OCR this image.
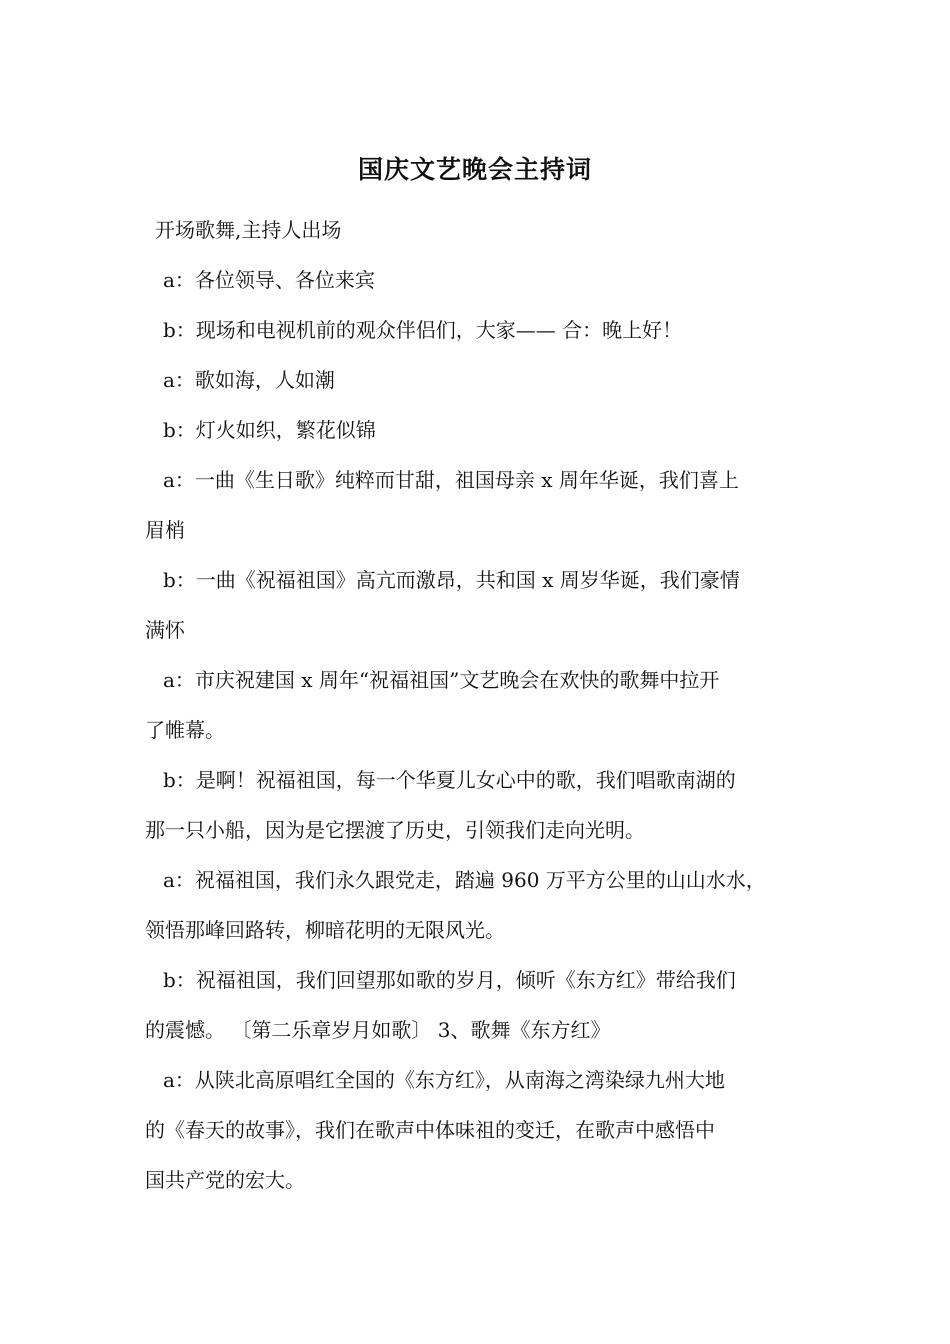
国庆文艺晚会主持词
开场歌舞,主持人出场
a：各位领导、各位来宾
b：现场和电视机前的观众伴侣们，大家—— 合：晚上好！
a：歌如海，人如潮
b：灯火如织，繁花似锦
a：一曲《生日歌》纯粹而甘甜，祖国母亲 x 周年华诞，我们喜上
眉梢
b：一曲《祝福祖国》高亢而激昂，共和国 x 周岁华诞，我们豪情
满怀
a：市庆祝建国 x 周年“祝福祖国”文艺晚会在欢快的歌舞中拉开
了帷幕。
b：是啊！祝福祖国，每一个华夏儿女心中的歌，我们唱歌南湖的
那一只小船，因为是它摆渡了历史，引领我们走向光明。
a：祝福祖国，我们永久跟党走，踏遍 960 万平方公里的山山水水，
领悟那峰回路转，柳暗花明的无限风光。
b：祝福祖国，我们回望那如歌的岁月，倾听《东方红》带给我们
的震憾。 〔第二乐章岁月如歌〕 3、歌舞《东方红》
a：从陕北高原唱红全国的《东方红》，从南海之湾染绿九州大地
的《春天的故事》，我们在歌声中体味祖的变迁，在歌声中感悟中
国共产党的宏大。
